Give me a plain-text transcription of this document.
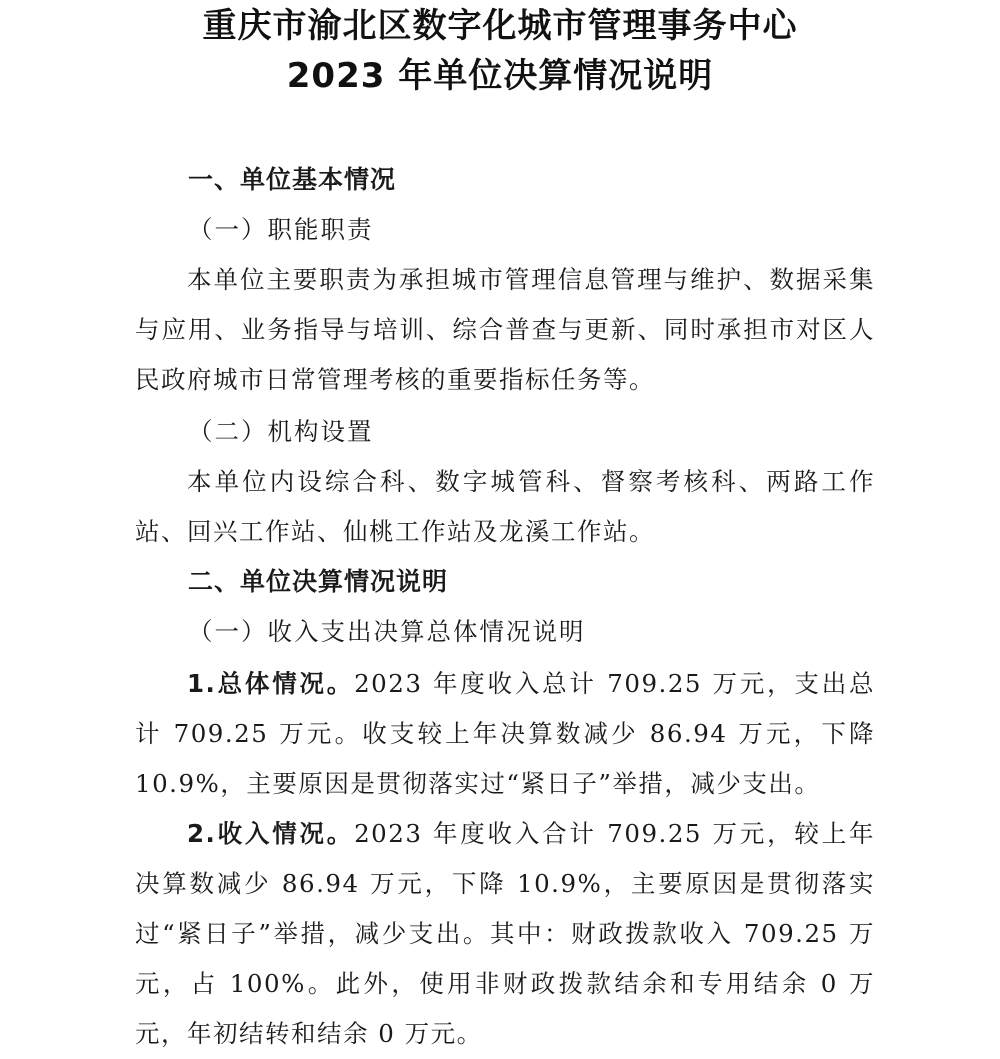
重庆市渝北区数字化城市管理事务中心
2023 年单位决算情况说明
一、单位基本情况
（一）职能职责
本单位主要职责为承担城市管理信息管理与维护、数据采集与应用、业务指导与培训、综合普查与更新、同时承担市对区人民政府城市日常管理考核的重要指标任务等。
（二）机构设置
本单位内设综合科、数字城管科、督察考核科、两路工作站、回兴工作站、仙桃工作站及龙溪工作站。
二、单位决算情况说明
（一）收入支出决算总体情况说明
1.总体情况。2023 年度收入总计 709.25 万元，支出总计 709.25 万元。收支较上年决算数减少 86.94 万元，下降 10.9%，主要原因是贯彻落实过“紧日子”举措，减少支出。
2.收入情况。2023 年度收入合计 709.25 万元，较上年决算数减少 86.94 万元，下降 10.9%，主要原因是贯彻落实过“紧日子”举措，减少支出。其中：财政拨款收入 709.25 万元，占 100%。此外，使用非财政拨款结余和专用结余 0 万元，年初结转和结余 0 万元。
